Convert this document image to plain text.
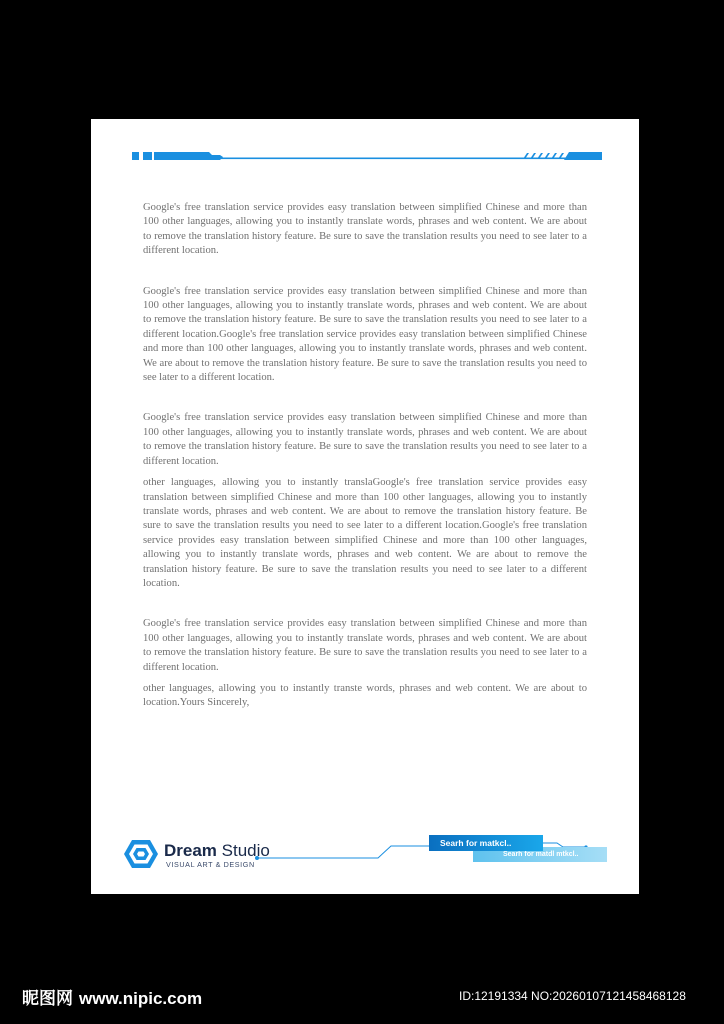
Google's free translation service provides easy translation between simplified Chinese and more than 100 other languages, allowing you to instantly translate words, phrases and web content. We are about to remove the translation history feature. Be sure to save the translation results you need to see later to a different location.

Google's free translation service provides easy translation between simplified Chinese and more than 100 other languages, allowing you to instantly translate words, phrases and web content. We are about to remove the translation history feature. Be sure to save the translation results you need to see later to a different location.Google's free translation service provides easy translation between simplified Chinese and more than 100 other languages, allowing you to instantly translate words, phrases and web content. We are about to remove the translation history feature. Be sure to save the translation results you need to see later to a different location.

Google's free translation service provides easy translation between simplified Chinese and more than 100 other languages, allowing you to instantly translate words, phrases and web content. We are about to remove the translation history feature. Be sure to save the translation results you need to see later to a different location.

other languages, allowing you to instantly translaGoogle's free translation service provides easy translation between simplified Chinese and more than 100 other languages, allowing you to instantly translate words, phrases and web content. We are about to remove the translation history feature. Be sure to save the translation results you need to see later to a different location.Google's free translation service provides easy translation between simplified Chinese and more than 100 other languages, allowing you to instantly translate words, phrases and web content. We are about to remove the translation history feature. Be sure to save the translation results you need to see later to a different location.

Google's free translation service provides easy translation between simplified Chinese and more than 100 other languages, allowing you to instantly translate words, phrases and web content. We are about to remove the translation history feature. Be sure to save the translation results you need to see later to a different location.

other languages, allowing you to instantly transte words, phrases and web content. We are about to location.Yours Sincerely,

Dream Studio
VISUAL ART & DESIGN
Searh for matdl mtkcl..
Searh for matkcl..
昵图网 www.nipic.com	ID:12191334 NO:20260107121458468128
